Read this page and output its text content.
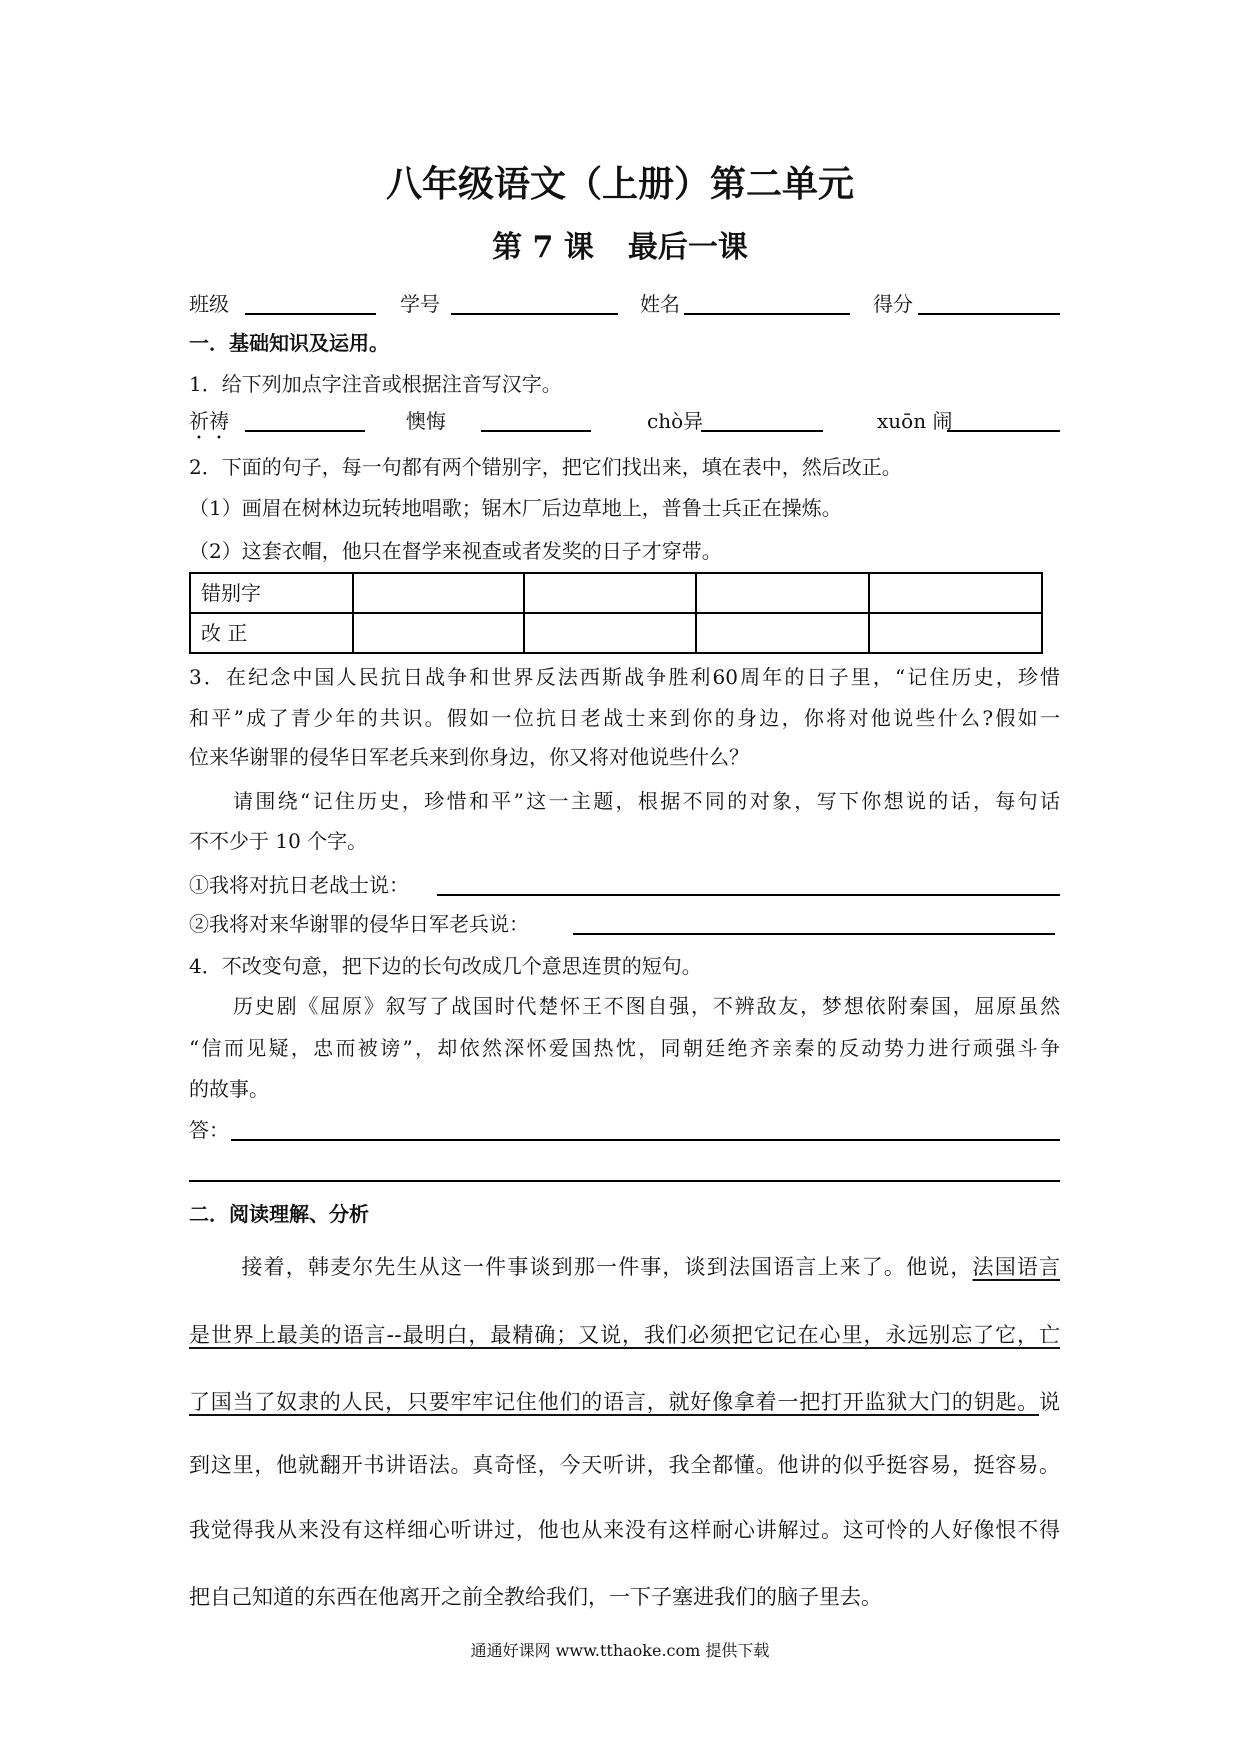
八年级语文（上册）第二单元
第 7 课 最后一课
班级	学号	姓名	得分
一．基础知识及运用。
1．给下列加点字注音或根据注音写汉字。
祈祷	懊悔	chò异	xuōn 闹
2．下面的句子，每一句都有两个错别字，把它们找出来，填在表中，然后改正。
（1）画眉在树林边玩转地唱歌；锯木厂后边草地上，普鲁士兵正在操炼。
（2）这套衣帽，他只在督学来视查或者发奖的日子才穿带。
错别字				
改 正				
3．在纪念中国人民抗日战争和世界反法西斯战争胜利60周年的日子里，“记住历史，珍惜
和平”成了青少年的共识。假如一位抗日老战士来到你的身边，你将对他说些什么?假如一
位来华谢罪的侵华日军老兵来到你身边，你又将对他说些什么？
请围绕“记住历史，珍惜和平”这一主题，根据不同的对象，写下你想说的话，每句话
不不少于 10 个字。
①我将对抗日老战士说：
②我将对来华谢罪的侵华日军老兵说：
4．不改变句意，把下边的长句改成几个意思连贯的短句。
历史剧《屈原》叙写了战国时代楚怀王不图自强，不辨敌友，梦想依附秦国，屈原虽然
“信而见疑，忠而被谤”，却依然深怀爱国热忱，同朝廷绝齐亲秦的反动势力进行顽强斗争
的故事。
答：
二．阅读理解、分析
接着，韩麦尔先生从这一件事谈到那一件事，谈到法国语言上来了。他说，法国语言
是世界上最美的语言--最明白，最精确；又说，我们必须把它记在心里，永远别忘了它，亡
了国当了奴隶的人民，只要牢牢记住他们的语言，就好像拿着一把打开监狱大门的钥匙。说
到这里，他就翻开书讲语法。真奇怪，今天听讲，我全都懂。他讲的似乎挺容易，挺容易。
我觉得我从来没有这样细心听讲过，他也从来没有这样耐心讲解过。这可怜的人好像恨不得
把自己知道的东西在他离开之前全教给我们，一下子塞进我们的脑子里去。
通通好课网 www.tthaoke.com 提供下载
